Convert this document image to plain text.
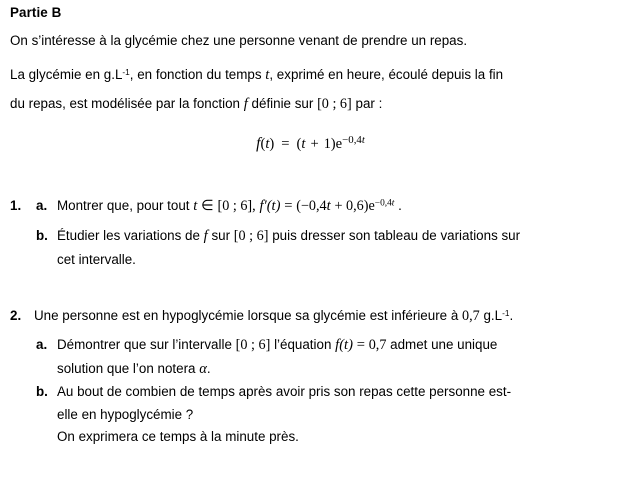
Partie B
On s’intéresse à la glycémie chez une personne venant de prendre un repas.
La glycémie en $g.L^{-1}$, en fonction du temps t, exprimé en heure, écoulé depuis la fin
du repas, est modélisée par la fonction f définie sur [0 ; 6] par :
$f(t) = (t + 1)e^{-0,4t}$
1. a. Montrer que, pour tout t ∈ [0 ; 6], $f'(t) = (-0,4t + 0,6)e^{-0,4t}$ .
b. Étudier les variations de f sur [0 ; 6] puis dresser son tableau de variations sur
cet intervalle.
2. Une personne est en hypoglycémie lorsque sa glycémie est inférieure à 0,7 $g.L^{-1}$.
a. Démontrer que sur l’intervalle [0 ; 6] l’équation f(t) = 0,7 admet une unique
solution que l’on notera α.
b. Au bout de combien de temps après avoir pris son repas cette personne est-
elle en hypoglycémie ?
On exprimera ce temps à la minute près.
